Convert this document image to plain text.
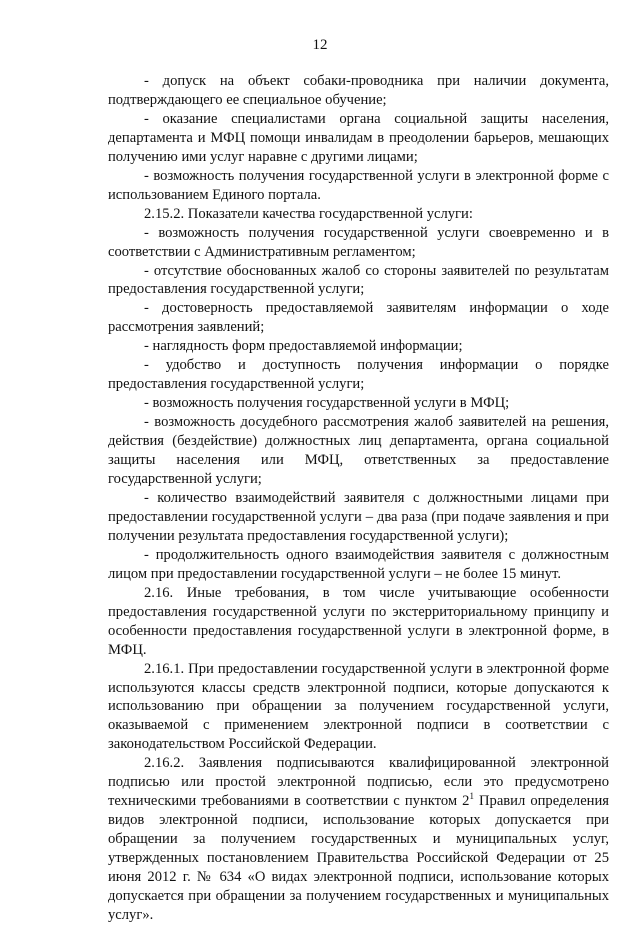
12

- допуск на объект собаки-проводника при наличии документа, подтверждающего ее специальное обучение;

- оказание специалистами органа социальной защиты населения, департамента и МФЦ помощи инвалидам в преодолении барьеров, мешающих получению ими услуг наравне с другими лицами;

- возможность получения государственной услуги в электронной форме с использованием Единого портала.

2.15.2. Показатели качества государственной услуги:

- возможность получения государственной услуги своевременно и в соответствии с Административным регламентом;

- отсутствие обоснованных жалоб со стороны заявителей по результатам предоставления государственной услуги;

- достоверность предоставляемой заявителям информации о ходе рассмотрения заявлений;

- наглядность форм предоставляемой информации;

- удобство и доступность получения информации о порядке предоставления государственной услуги;

- возможность получения государственной услуги в МФЦ;

- возможность досудебного рассмотрения жалоб заявителей на решения, действия (бездействие) должностных лиц департамента, органа социальной защиты населения или МФЦ, ответственных за предоставление государственной услуги;

- количество взаимодействий заявителя с должностными лицами при предоставлении государственной услуги – два раза (при подаче заявления и при получении результата предоставления государственной услуги);

- продолжительность одного взаимодействия заявителя с должностным лицом при предоставлении государственной услуги – не более 15 минут.

2.16. Иные требования, в том числе учитывающие особенности предоставления государственной услуги по экстерриториальному принципу и особенности предоставления государственной услуги в электронной форме, в МФЦ.

2.16.1. При предоставлении государственной услуги в электронной форме используются классы средств электронной подписи, которые допускаются к использованию при обращении за получением государственной услуги, оказываемой с применением электронной подписи в соответствии с законодательством Российской Федерации.

2.16.2. Заявления подписываются квалифицированной электронной подписью или простой электронной подписью, если это предусмотрено техническими требованиями в соответствии с пунктом $2^1$ Правил определения видов электронной подписи, использование которых допускается при обращении за получением государственных и муниципальных услуг, утвержденных постановлением Правительства Российской Федерации от 25 июня 2012 г. № 634 «О видах электронной подписи, использование которых допускается при обращении за получением государственных и муниципальных услуг».
